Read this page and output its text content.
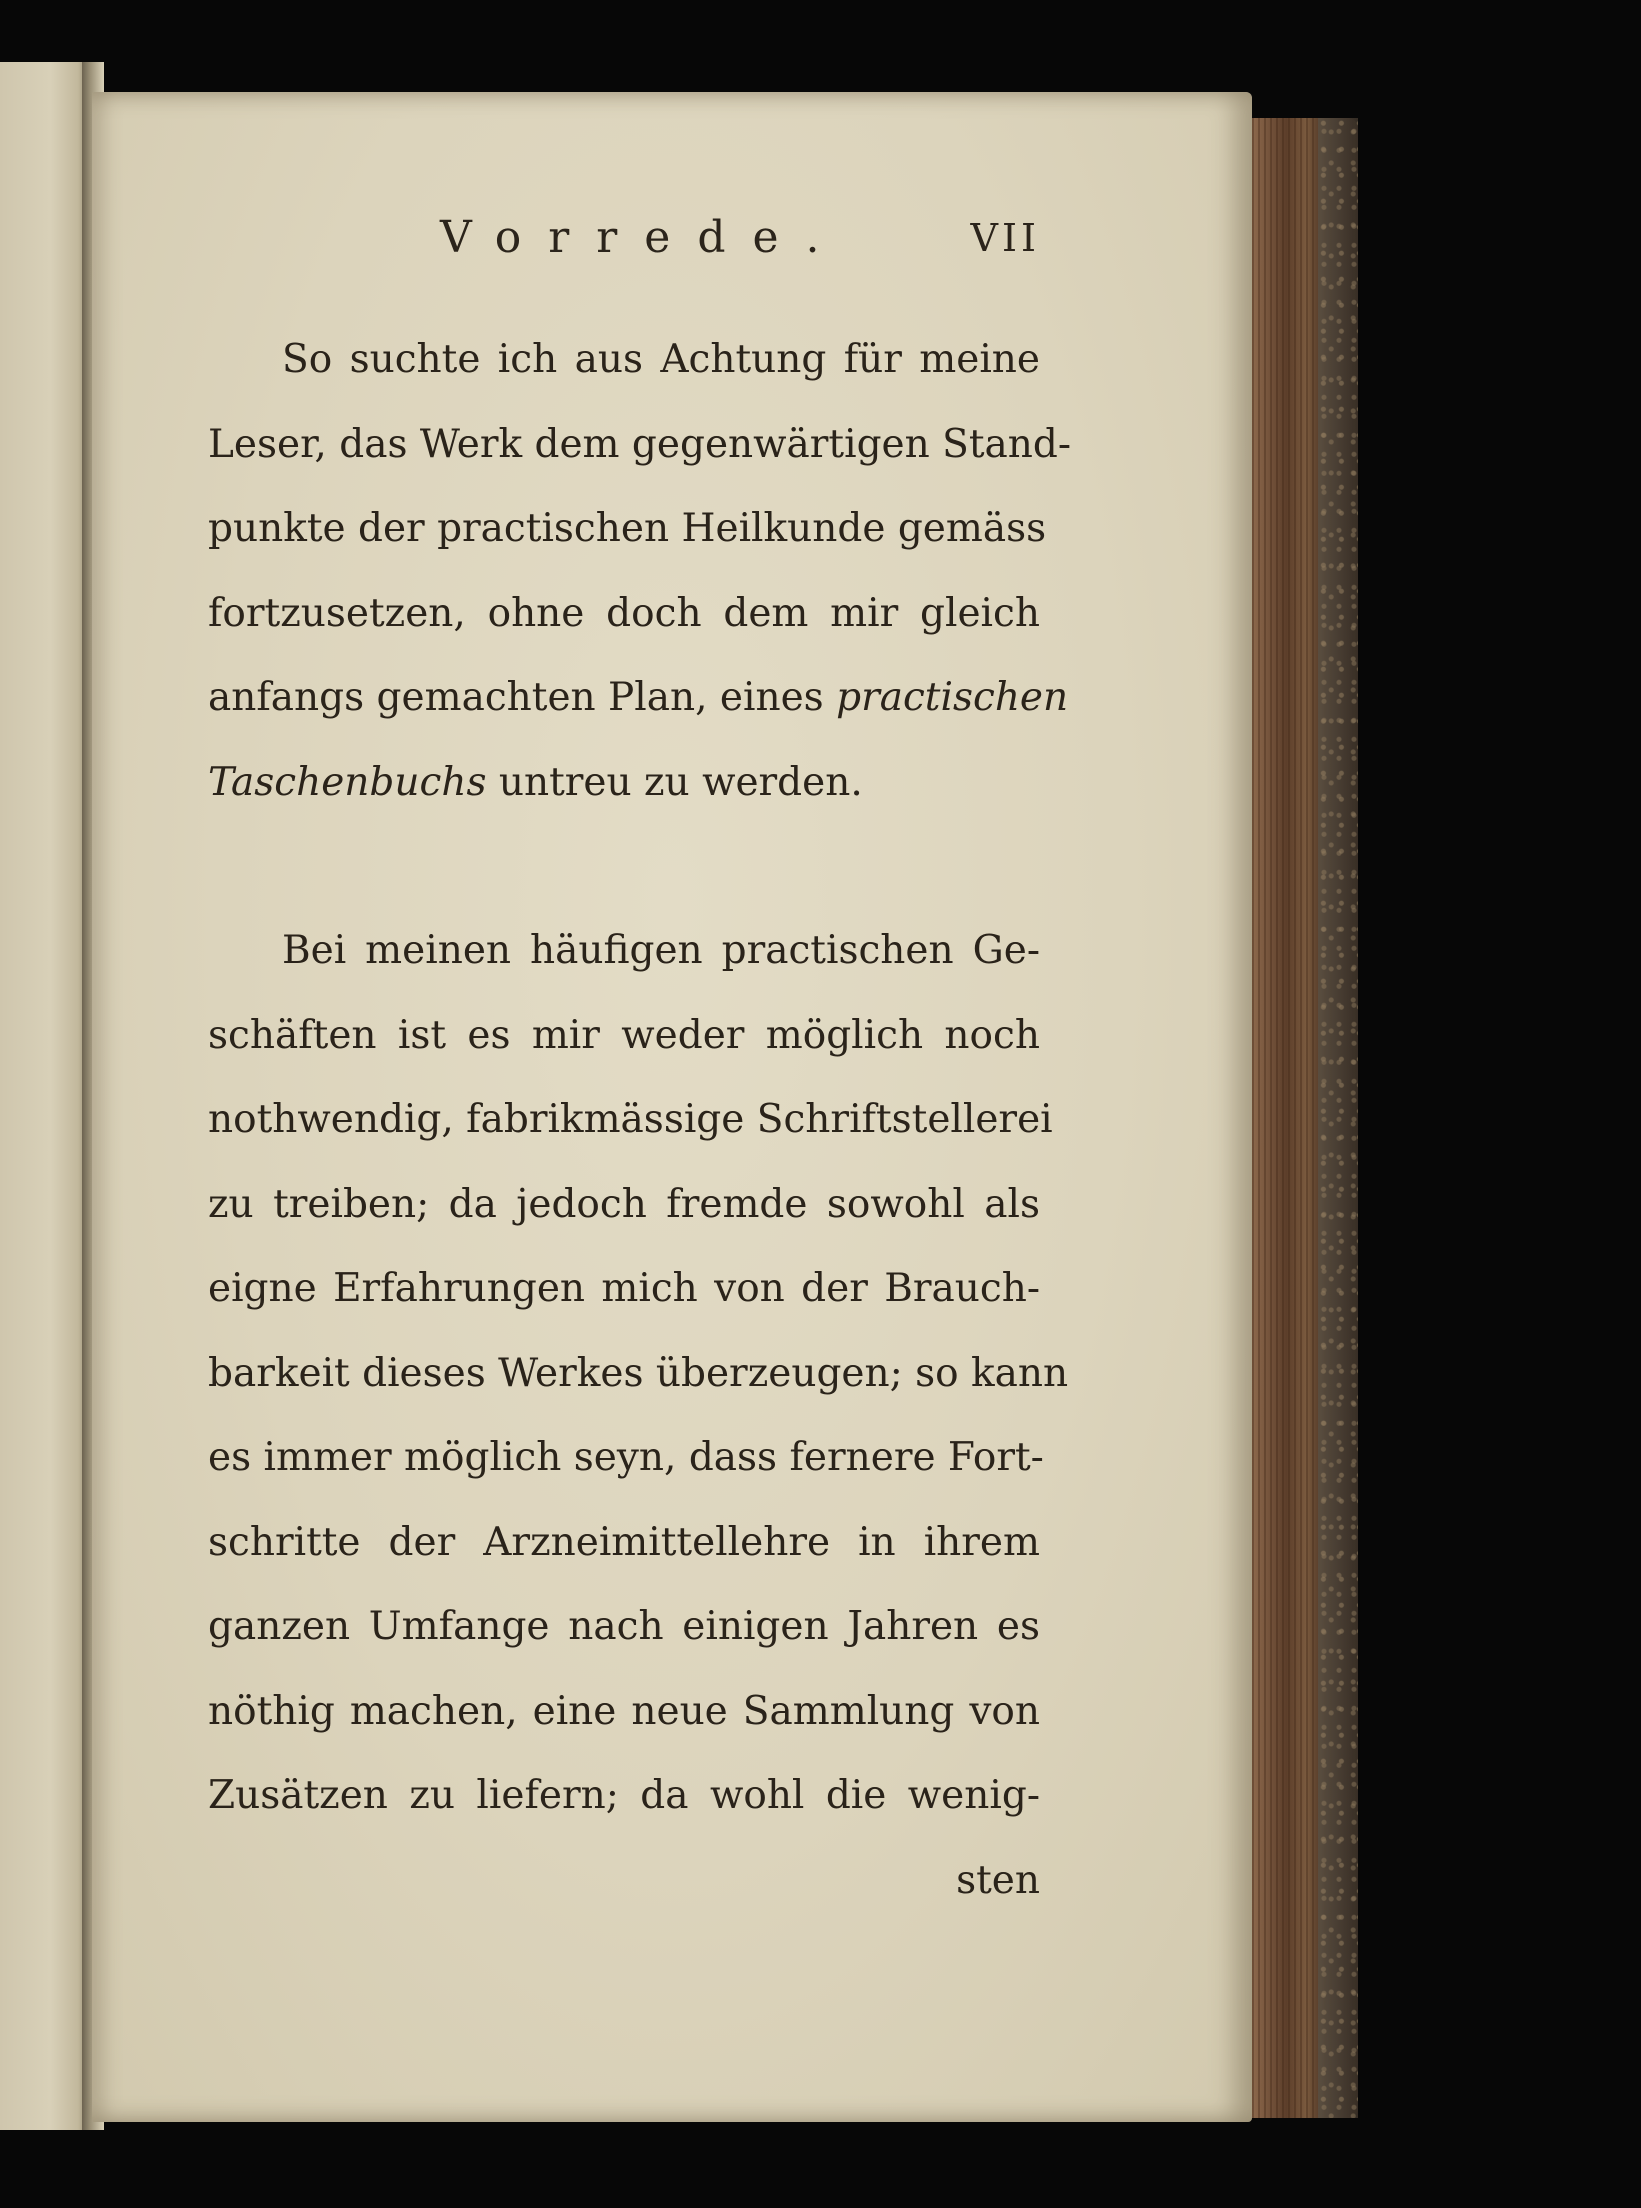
Vorrede.	VII
So suchte ich aus Achtung für meine
Leser, das Werk dem gegenwärtigen Stand-
punkte der practischen Heilkunde gemäss
fortzusetzen, ohne doch dem mir gleich
anfangs gemachten Plan, eines practischen
Taschenbuchs untreu zu werden.
Bei meinen häufigen practischen Ge-
schäften ist es mir weder möglich noch
nothwendig, fabrikmässige Schriftstellerei
zu treiben; da jedoch fremde sowohl als
eigne Erfahrungen mich von der Brauch-
barkeit dieses Werkes überzeugen; so kann
es immer möglich seyn, dass fernere Fort-
schritte der Arzneimittellehre in ihrem
ganzen Umfange nach einigen Jahren es
nöthig machen, eine neue Sammlung von
Zusätzen zu liefern; da wohl die wenig-
sten
